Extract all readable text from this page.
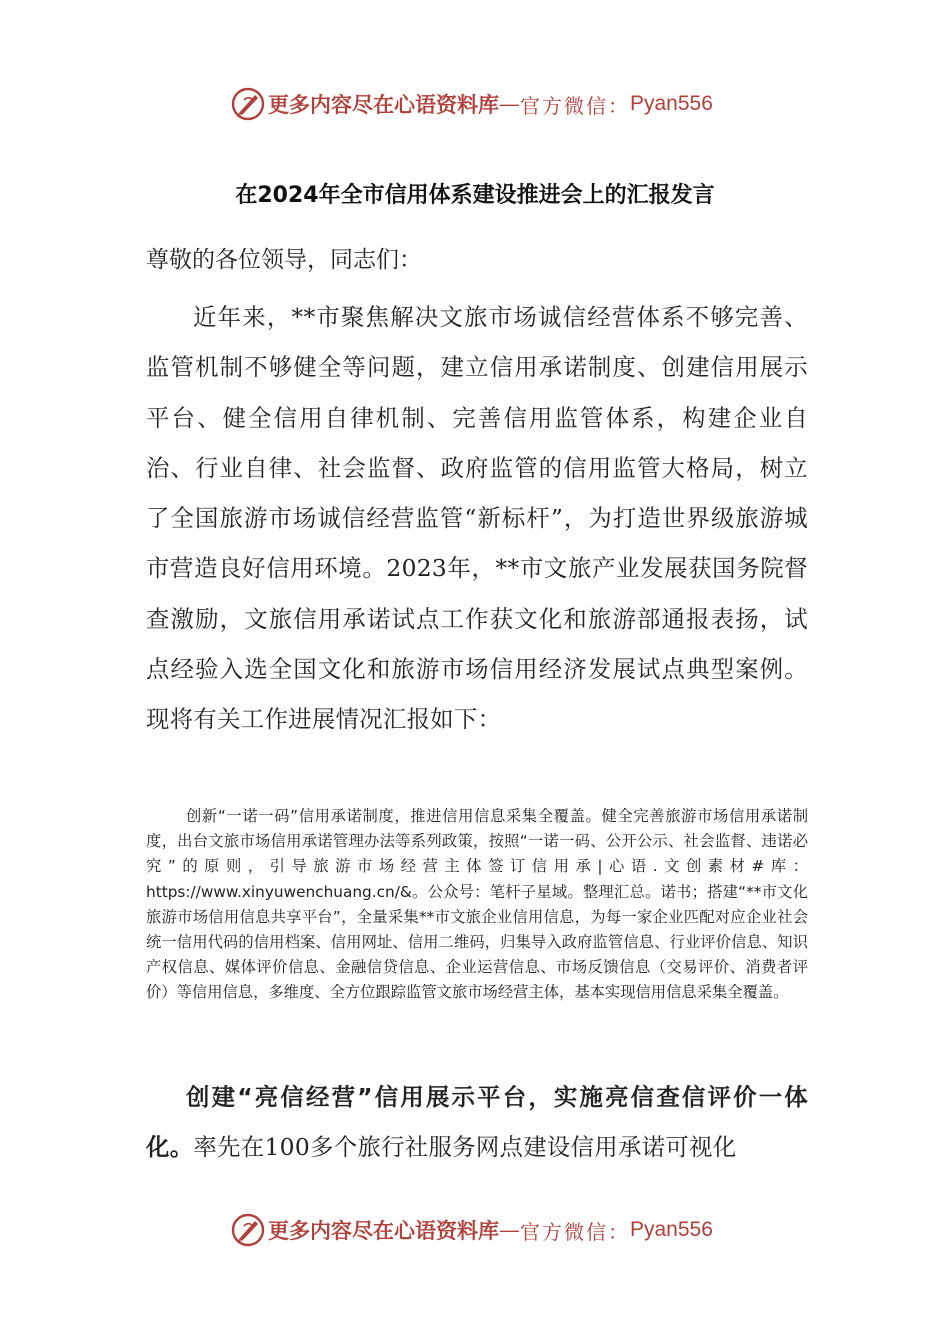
更多内容尽在心语资料库 — 官方微信： Pyan556
在2024年全市信用体系建设推进会上的汇报发言
尊敬的各位领导，同志们：
近年来，**市聚焦解决文旅市场诚信经营体系不够完善、监管机制不够健全等问题，建立信用承诺制度、创建信用展示平台、健全信用自律机制、完善信用监管体系，构建企业自治、行业自律、社会监督、政府监管的信用监管大格局，树立了全国旅游市场诚信经营监管“新标杆”，为打造世界级旅游城市营造良好信用环境。2023年，**市文旅产业发展获国务院督查激励，文旅信用承诺试点工作获文化和旅游部通报表扬，试点经验入选全国文化和旅游市场信用经济发展试点典型案例。现将有关工作进展情况汇报如下：
创新“一诺一码”信用承诺制度，推进信用信息采集全覆盖。健全完善旅游市场信用承诺制度，出台文旅市场信用承诺管理办法等系列政策，按照“一诺一码、公开公示、社会监督、违诺必究”的原则，引导旅游市场经营主体签订信用承|心语.文创素材#库：https://www.xinyuwenchuang.cn/&。公众号：笔杆子星域。整理汇总。诺书；搭建“**市文化旅游市场信用信息共享平台”，全量采集**市文旅企业信用信息，为每一家企业匹配对应企业社会统一信用代码的信用档案、信用网址、信用二维码，归集导入政府监管信息、行业评价信息、知识产权信息、媒体评价信息、金融信贷信息、企业运营信息、市场反馈信息（交易评价、消费者评价）等信用信息，多维度、全方位跟踪监管文旅市场经营主体，基本实现信用信息采集全覆盖。
创建“亮信经营”信用展示平台，实施亮信查信评价一体化。率先在100多个旅行社服务网点建设信用承诺可视化
更多内容尽在心语资料库 — 官方微信： Pyan556
